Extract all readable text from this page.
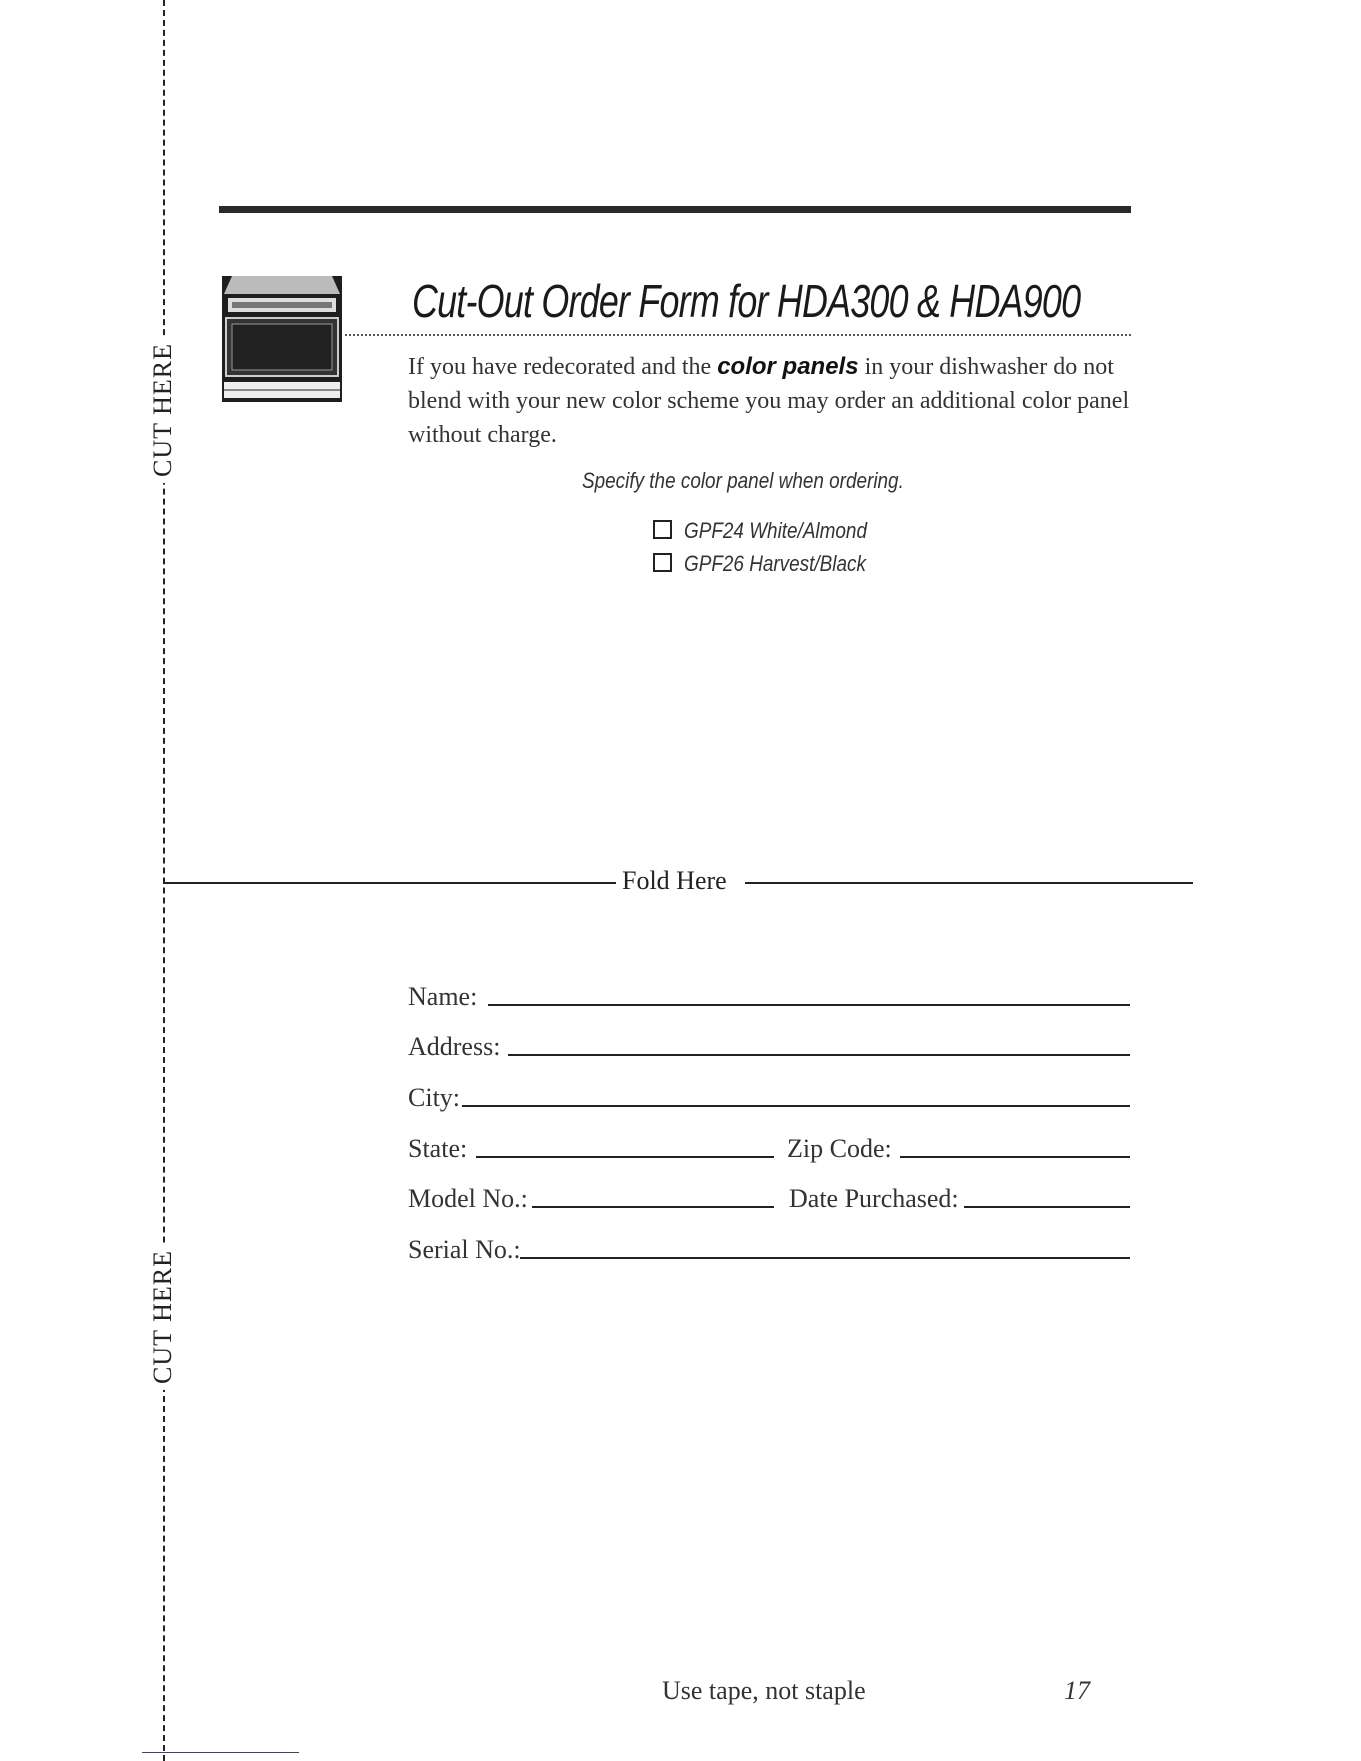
CUT HERE
CUT HERE
Cut-Out Order Form for HDA300 & HDA900
If you have redecorated and the color panels in your dishwasher do not blend with your new color scheme you may order an additional color panel without charge.
Specify the color panel when ordering.
GPF24 White/Almond
GPF26 Harvest/Black
Fold Here
Name:
Address:
City:
State:	Zip Code:
Model No.:	Date Purchased:
Serial No.:
Use tape, not staple	17
